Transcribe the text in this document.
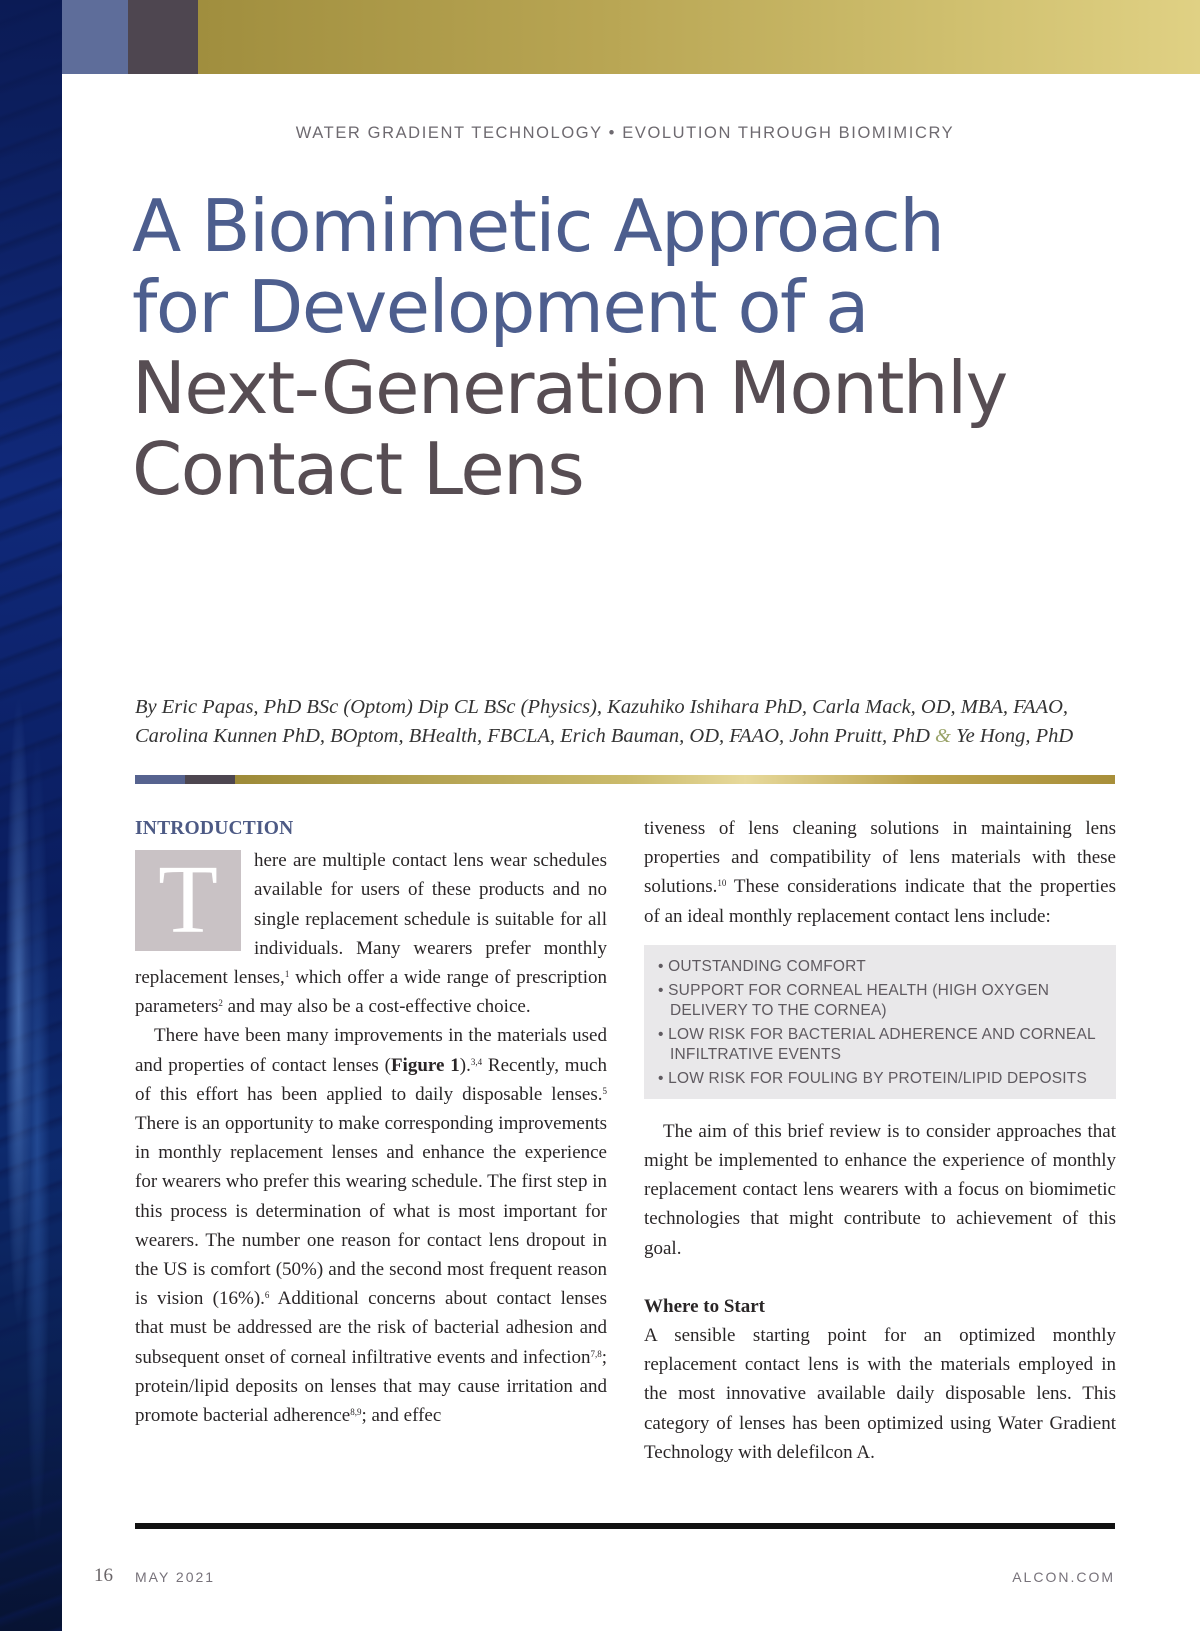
WATER GRADIENT TECHNOLOGY • EVOLUTION THROUGH BIOMIMICRY
A Biomimetic Approach
for Development of a
Next-Generation Monthly
Contact Lens

By Eric Papas, PhD BSc (Optom) Dip CL BSc (Physics), Kazuhiko Ishihara PhD, Carla Mack, OD, MBA, FAAO, Carolina Kunnen PhD, BOptom, BHealth, FBCLA, Erich Bauman, OD, FAAO, John Pruitt, PhD & Ye Hong, PhD

INTRODUCTION
T	here are multiple contact lens wear schedules available for users of these products and no single replacement schedule is suitable for all individuals. Many wearers prefer monthly replacement lenses,$^1$ which offer a wide range of prescription parameters$^2$ and may also be a cost-effective choice.

There have been many improvements in the materials used and properties of contact lenses (Figure 1).$^{3,4}$ Recently, much of this effort has been applied to daily disposable lenses.$^5$ There is an opportunity to make corresponding improvements in monthly replacement lenses and enhance the experience for wearers who prefer this wearing schedule. The first step in this process is determination of what is most important for wearers. The number one reason for contact lens dropout in the US is comfort (50%) and the second most frequent reason is vision (16%).$^6$ Additional concerns about contact lenses that must be addressed are the risk of bacterial adhesion and subsequent onset of corneal infiltrative events and infection$^{7,8}$; protein/lipid deposits on lenses that may cause irritation and promote bacterial adherence$^{8,9}$; and effec

tiveness of lens cleaning solutions in maintaining lens properties and compatibility of lens materials with these solutions.$^{10}$ These considerations indicate that the properties of an ideal monthly replacement contact lens include:

• OUTSTANDING COMFORT
• SUPPORT FOR CORNEAL HEALTH (HIGH OXYGEN DELIVERY TO THE CORNEA)
• LOW RISK FOR BACTERIAL ADHERENCE AND CORNEAL INFILTRATIVE EVENTS
• LOW RISK FOR FOULING BY PROTEIN/LIPID DEPOSITS

The aim of this brief review is to consider approaches that might be implemented to enhance the experience of monthly replacement contact lens wearers with a focus on biomimetic technologies that might contribute to achievement of this goal.

Where to Start

A sensible starting point for an optimized monthly replacement contact lens is with the materials employed in the most innovative available daily disposable lens. This category of lenses has been optimized using Water Gradient Technology with delefilcon A.

16 MAY 2021	ALCON.COM
